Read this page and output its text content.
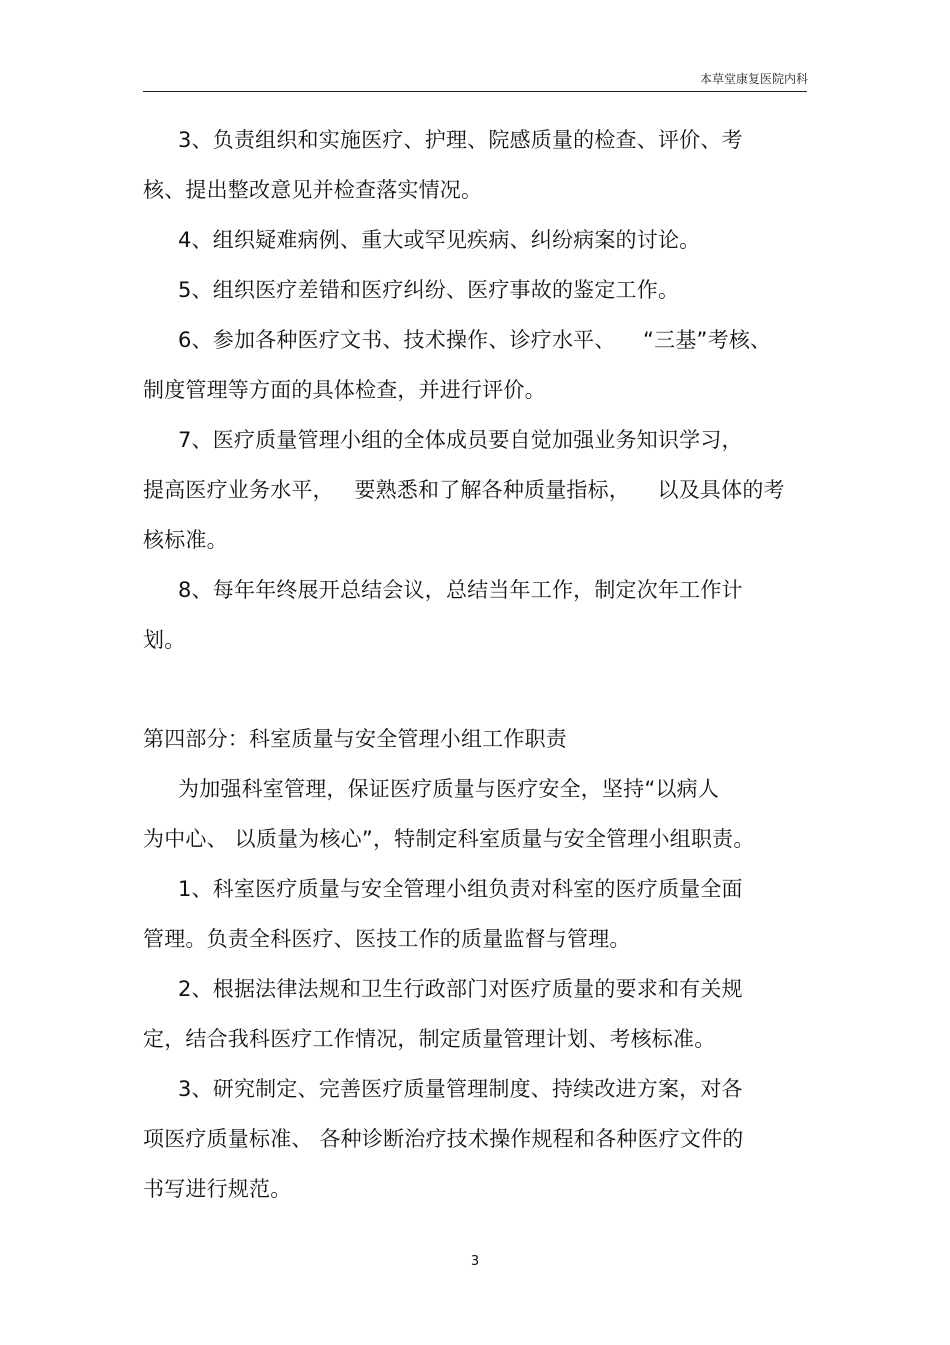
本草堂康复医院内科
3、负责组织和实施医疗、护理、院感质量的检查、评价、考
核、提出整改意见并检查落实情况。
4、组织疑难病例、重大或罕见疾病、纠纷病案的讨论。
5、组织医疗差错和医疗纠纷、医疗事故的鉴定工作。
6、参加各种医疗文书、技术操作、诊疗水平、    “三基”考核、
制度管理等方面的具体检查，并进行评价。
7、医疗质量管理小组的全体成员要自觉加强业务知识学习，
提高医疗业务水平，   要熟悉和了解各种质量指标，    以及具体的考
核标准。
8、每年年终展开总结会议，总结当年工作，制定次年工作计
划。
第四部分：科室质量与安全管理小组工作职责
为加强科室管理，保证医疗质量与医疗安全，坚持“以病人
为中心、 以质量为核心”，特制定科室质量与安全管理小组职责。
1、科室医疗质量与安全管理小组负责对科室的医疗质量全面
管理。负责全科医疗、医技工作的质量监督与管理。
2、根据法律法规和卫生行政部门对医疗质量的要求和有关规
定，结合我科医疗工作情况，制定质量管理计划、考核标准。
3、研究制定、完善医疗质量管理制度、持续改进方案，对各
项医疗质量标准、 各种诊断治疗技术操作规程和各种医疗文件的
书写进行规范。
3
